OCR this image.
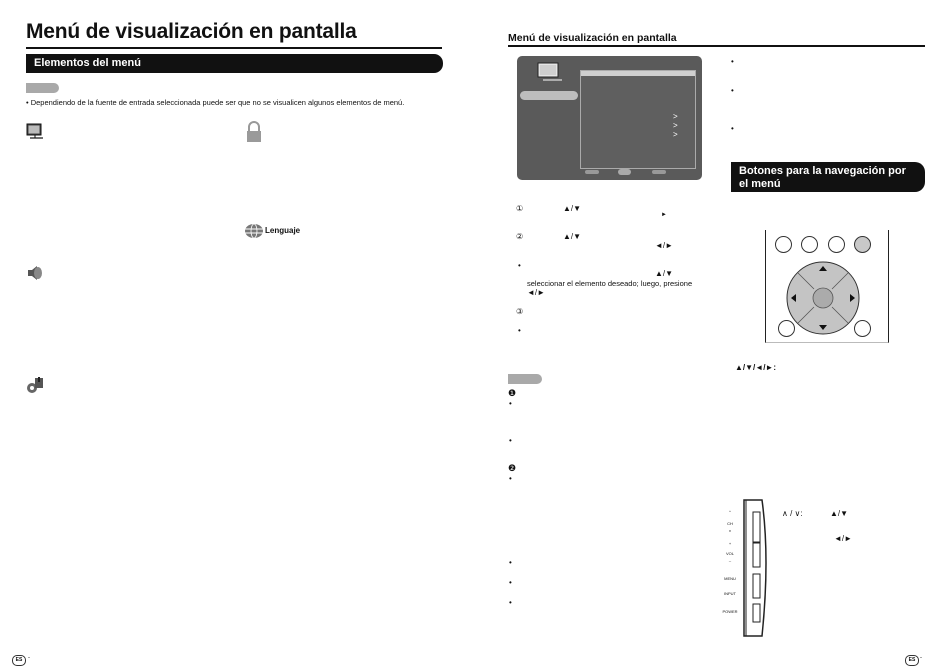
Menú de visualización en pantalla
Elementos del menú
• Dependiendo de la fuente de entrada seleccionada puede ser que no se visualicen algunos elementos de menú.
Lenguaje
ES -
Menú de visualización en pantalla
>
>
>
•
•
•
Botones para la navegación por el menú
①	▲/▼
►
②	▲/▼
◄/►
•
▲/▼
seleccionar el elemento deseado; luego, presione
◄/►
③
•
▲/▼/◄/►:
❶
•
•
❷
•
•
•
•
^
CH
v
+
VOL
–
MENU
INPUT
POWER
∧ / ∨:	▲/▼
◄/►
ES -
